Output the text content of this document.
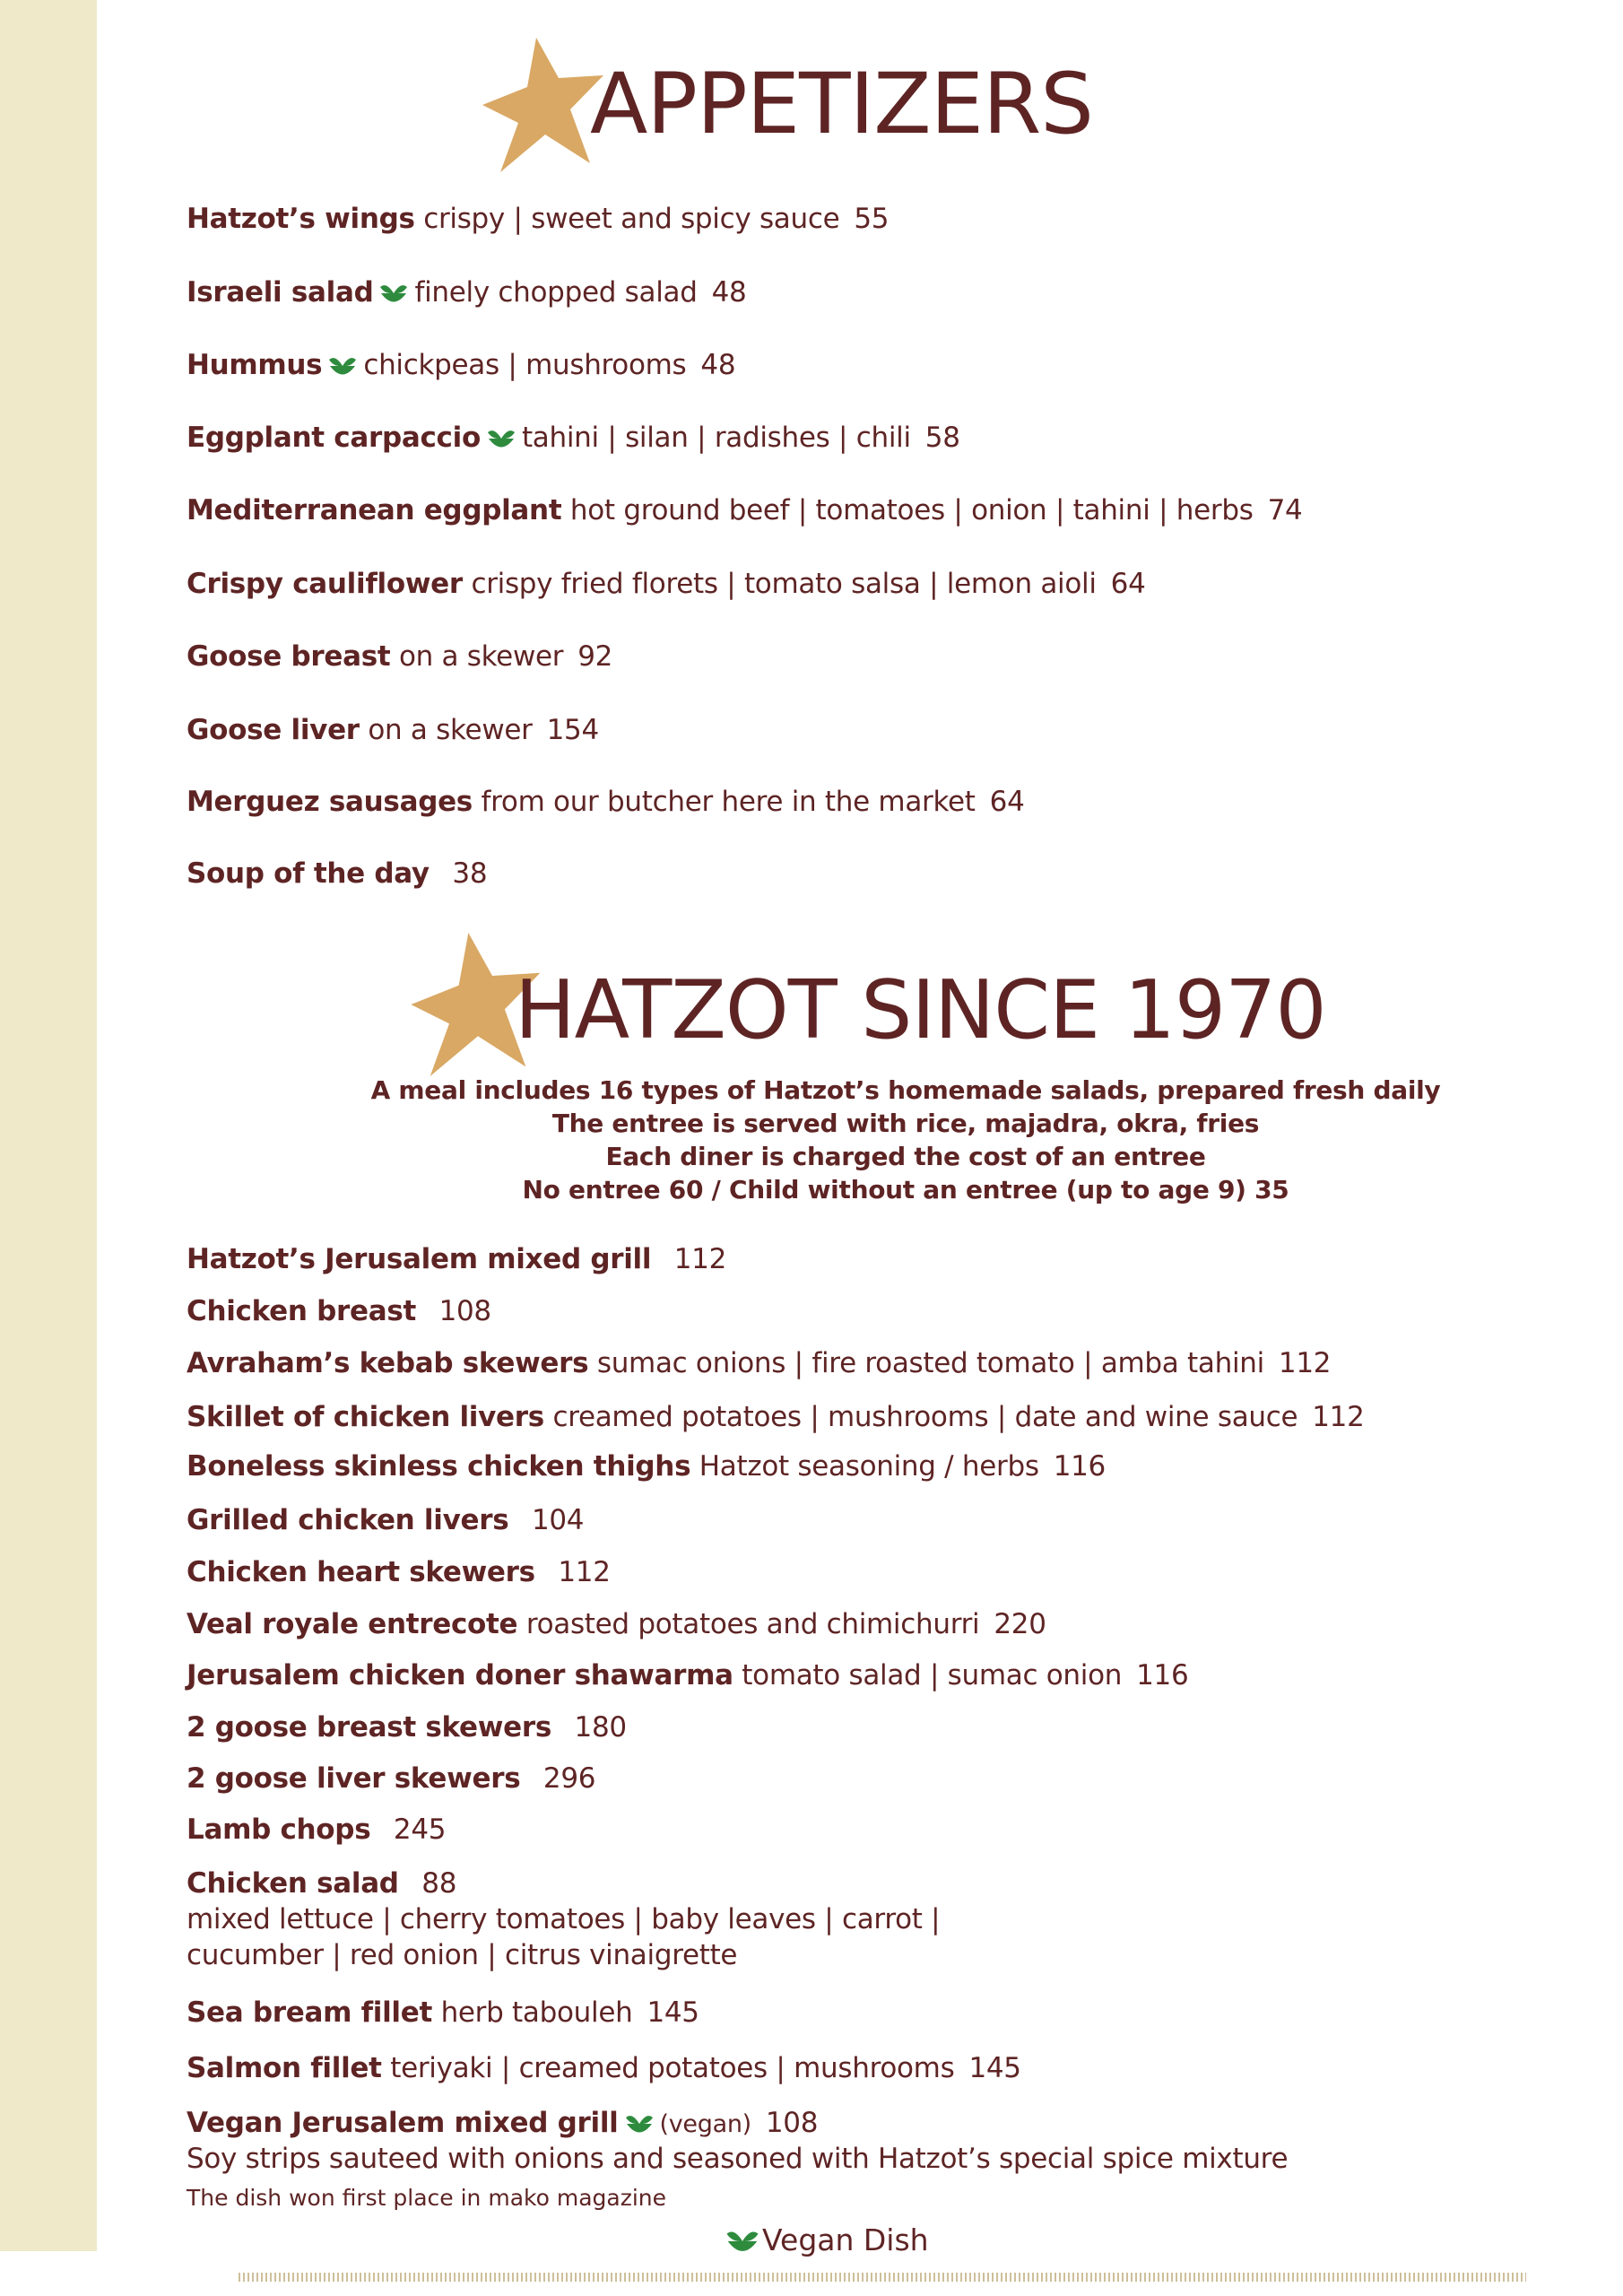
APPETIZERS

Hatzot’s wings crispy | sweet and spicy sauce 55

Israeli salad finely chopped salad 48

Hummus chickpeas | mushrooms 48

Eggplant carpaccio tahini | silan | radishes | chili 58

Mediterranean eggplant hot ground beef | tomatoes | onion | tahini | herbs 74

Crispy cauliflower crispy fried florets | tomato salsa | lemon aioli 64

Goose breast on a skewer 92

Goose liver on a skewer 154

Merguez sausages from our butcher here in the market 64

Soup of the day 38

HATZOT SINCE 1970
A meal includes 16 types of Hatzot’s homemade salads, prepared fresh daily
The entree is served with rice, majadra, okra, fries
Each diner is charged the cost of an entree
No entree 60 / Child without an entree (up to age 9) 35

Hatzot’s Jerusalem mixed grill 112

Chicken breast 108

Avraham’s kebab skewers sumac onions | fire roasted tomato | amba tahini 112

Skillet of chicken livers creamed potatoes | mushrooms | date and wine sauce 112

Boneless skinless chicken thighs Hatzot seasoning / herbs 116

Grilled chicken livers 104

Chicken heart skewers 112

Veal royale entrecote roasted potatoes and chimichurri 220

Jerusalem chicken doner shawarma tomato salad | sumac onion 116

2 goose breast skewers 180

2 goose liver skewers 296

Lamb chops 245

Chicken salad 88

mixed lettuce | cherry tomatoes | baby leaves | carrot |

cucumber | red onion | citrus vinaigrette

Sea bream fillet herb tabouleh 145

Salmon fillet teriyaki | creamed potatoes | mushrooms 145

Vegan Jerusalem mixed grill (vegan) 108

Soy strips sauteed with onions and seasoned with Hatzot’s special spice mixture

The dish won first place in mako magazine

Vegan Dish
